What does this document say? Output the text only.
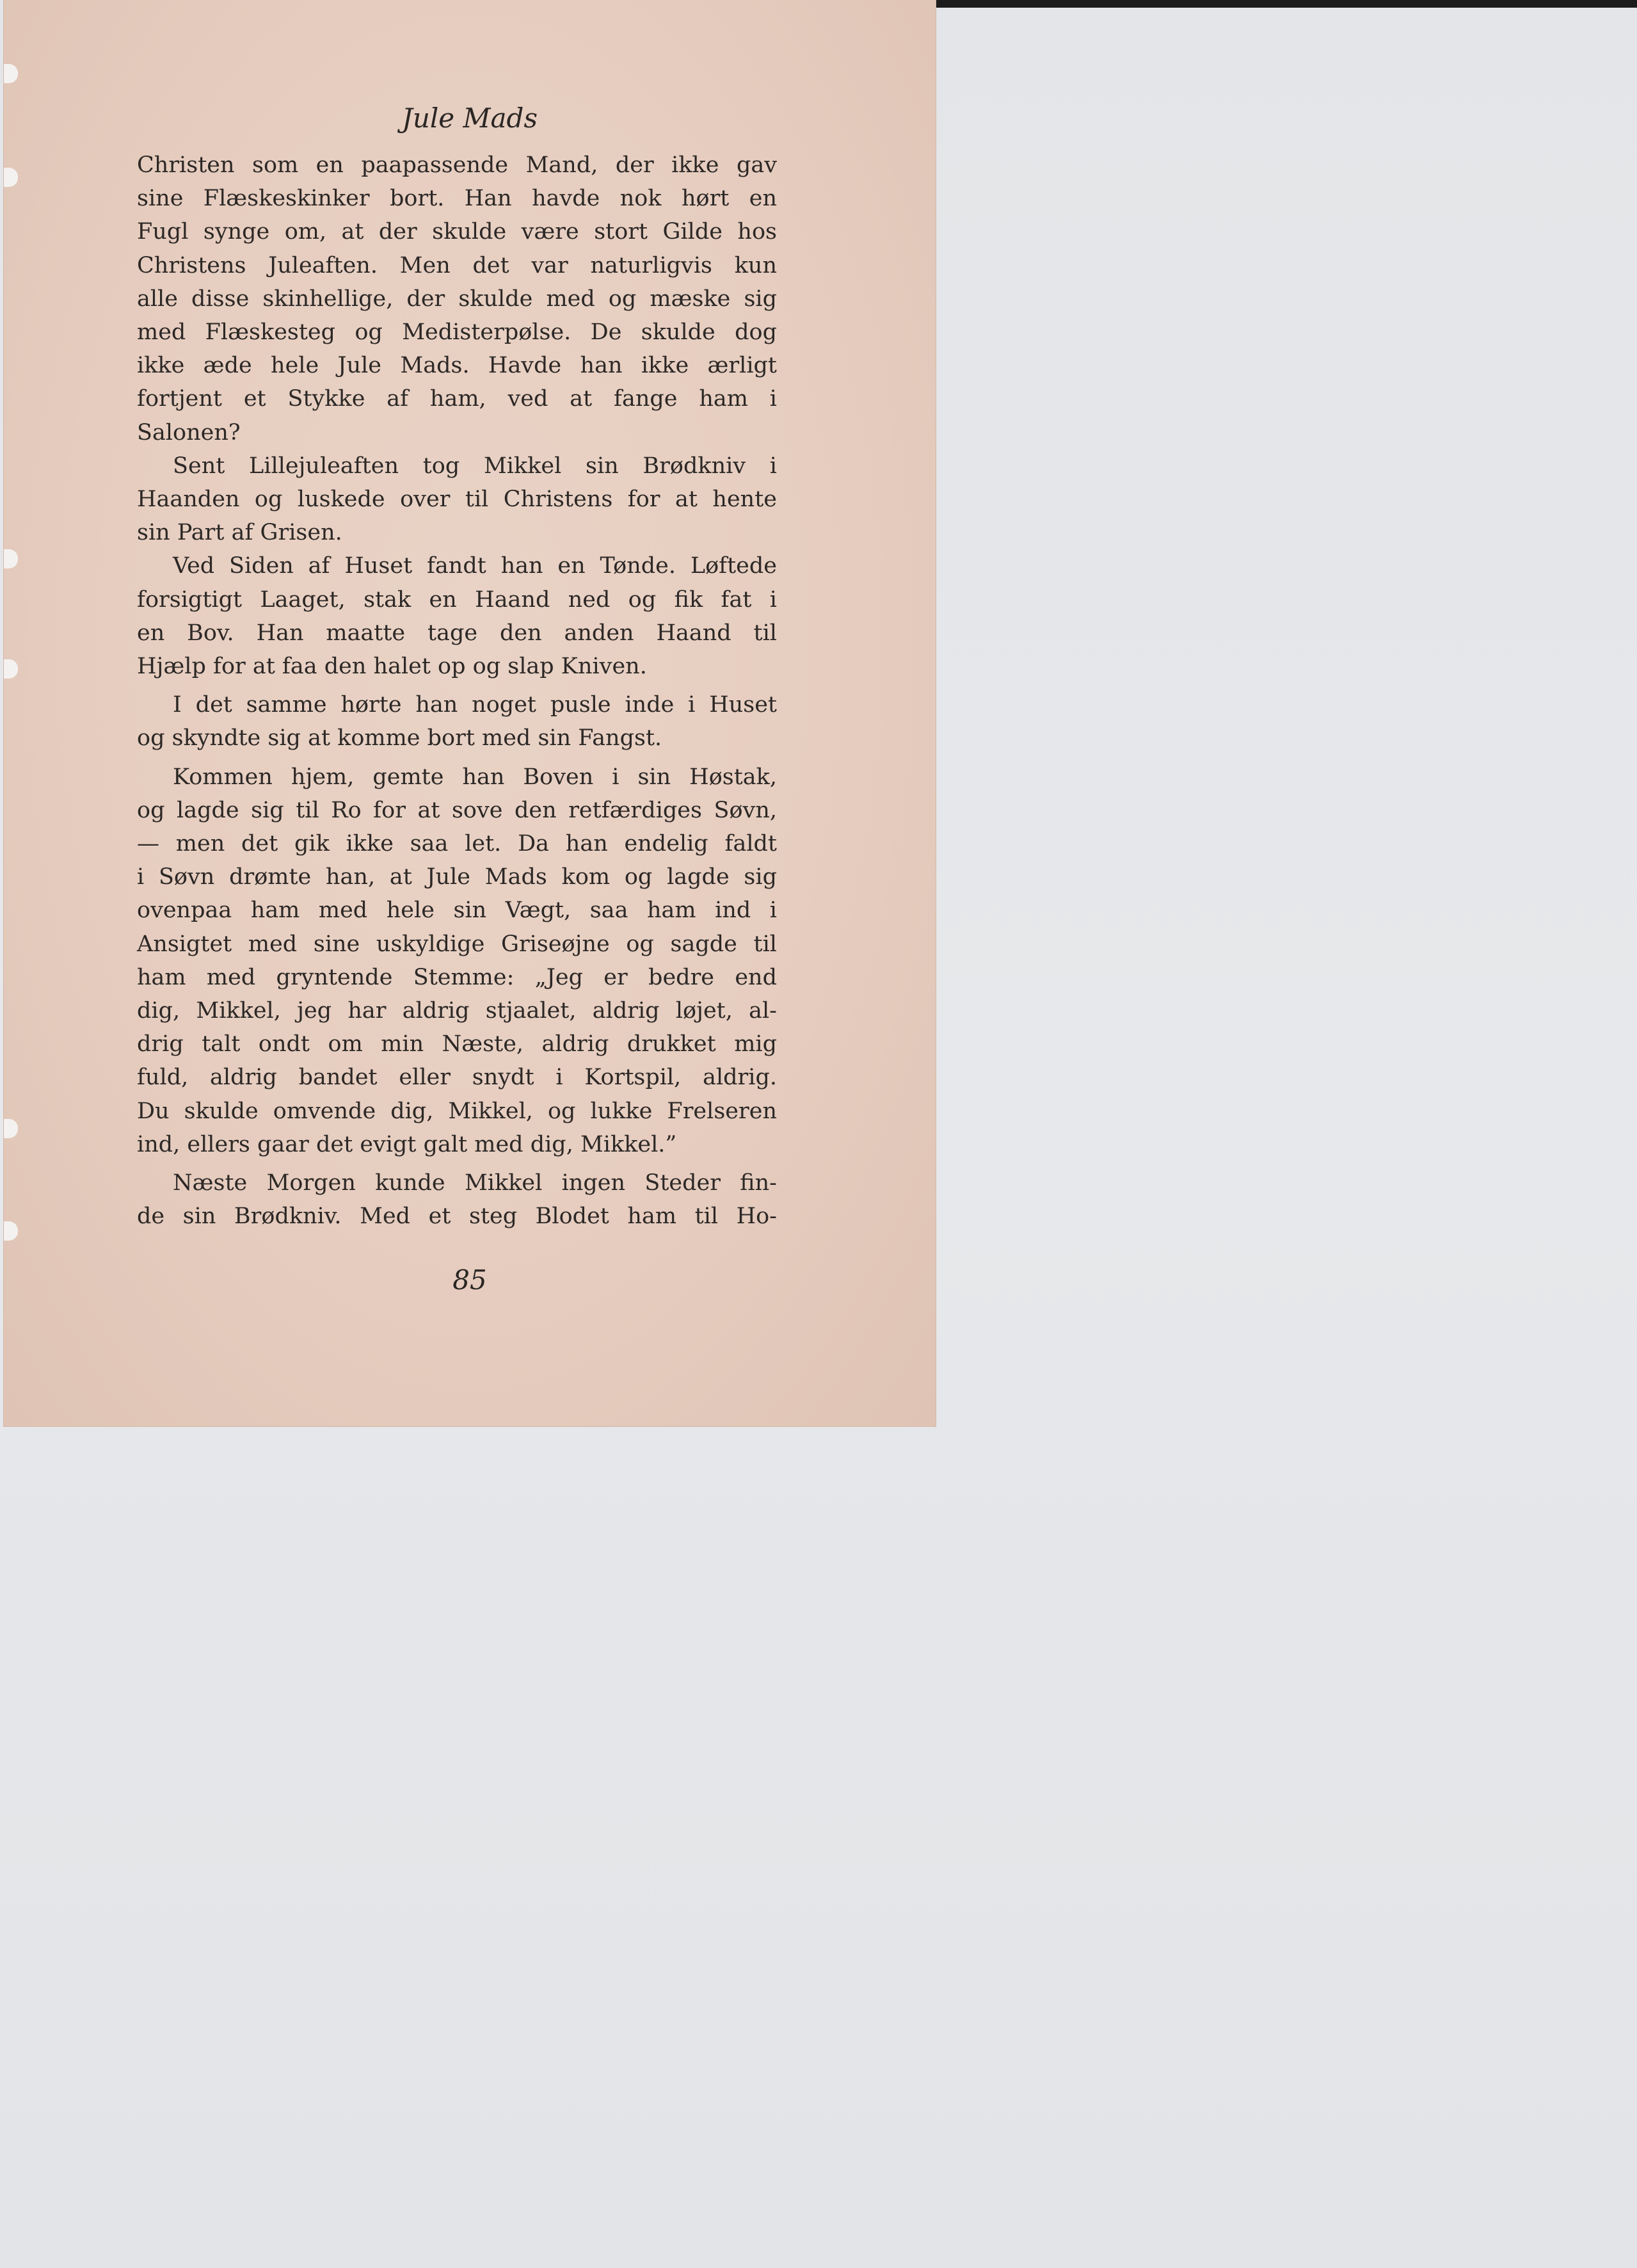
Jule Mads

Christen som en paapassende Mand, der ikke gav

sine Flæskeskinker bort. Han havde nok hørt en

Fugl synge om, at der skulde være stort Gilde hos

Christens Juleaften. Men det var naturligvis kun

alle disse skinhellige, der skulde med og mæske sig

med Flæskesteg og Medisterpølse. De skulde dog

ikke æde hele Jule Mads. Havde han ikke ærligt

fortjent et Stykke af ham, ved at fange ham i

Salonen?

Sent Lillejuleaften tog Mikkel sin Brødkniv i

Haanden og luskede over til Christens for at hente

sin Part af Grisen.

Ved Siden af Huset fandt han en Tønde. Løftede

forsigtigt Laaget, stak en Haand ned og fik fat i

en Bov. Han maatte tage den anden Haand til

Hjælp for at faa den halet op og slap Kniven.

I det samme hørte han noget pusle inde i Huset

og skyndte sig at komme bort med sin Fangst.

Kommen hjem, gemte han Boven i sin Høstak,

og lagde sig til Ro for at sove den retfærdiges Søvn,

— men det gik ikke saa let. Da han endelig faldt

i Søvn drømte han, at Jule Mads kom og lagde sig

ovenpaa ham med hele sin Vægt, saa ham ind i

Ansigtet med sine uskyldige Griseøjne og sagde til

ham med gryntende Stemme: „Jeg er bedre end

dig, Mikkel, jeg har aldrig stjaalet, aldrig løjet, al-

drig talt ondt om min Næste, aldrig drukket mig

fuld, aldrig bandet eller snydt i Kortspil, aldrig.

Du skulde omvende dig, Mikkel, og lukke Frelseren

ind, ellers gaar det evigt galt med dig, Mikkel.”

Næste Morgen kunde Mikkel ingen Steder fin-

de sin Brødkniv. Med et steg Blodet ham til Ho-

85
